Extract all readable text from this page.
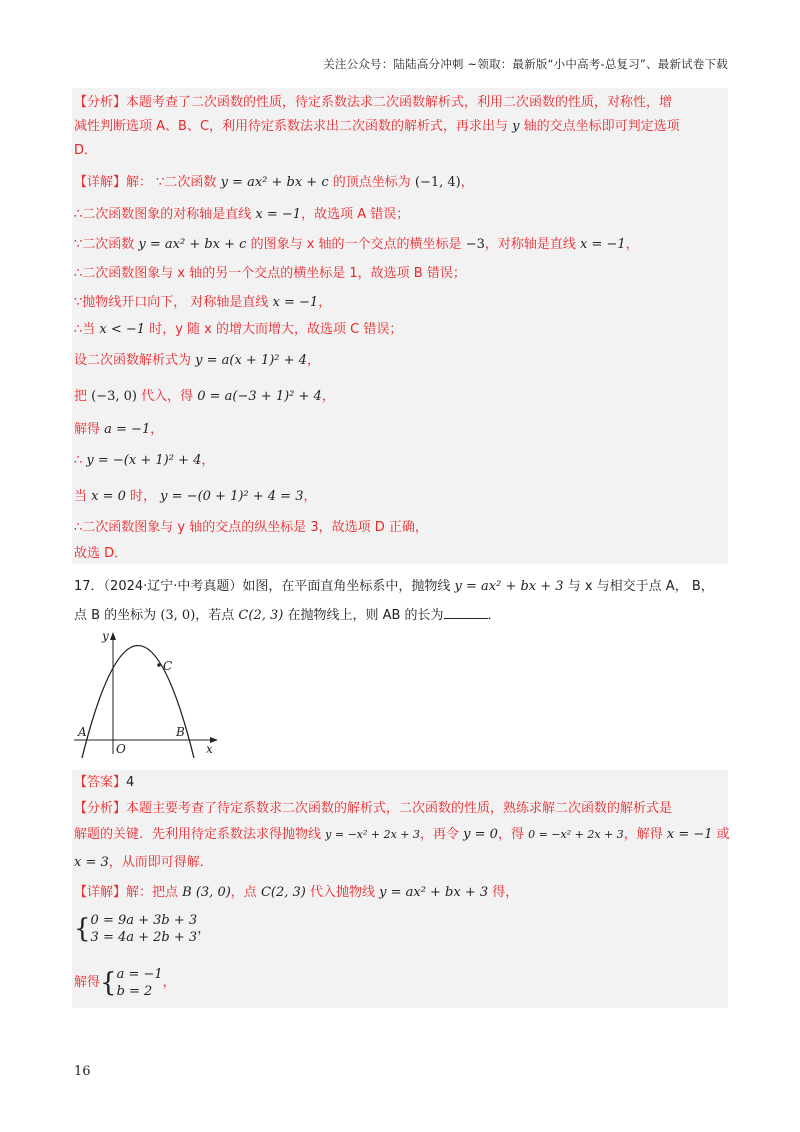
关注公众号：陆陆高分冲刺 ~领取：最新版“小中高考-总复习”、最新试卷下载
【分析】本题考查了二次函数的性质，待定系数法求二次函数解析式，利用二次函数的性质，对称性，增
减性判断选项 A、B、C，利用待定系数法求出二次函数的解析式，再求出与 y 轴的交点坐标即可判定选项
D．
【详解】解： ∵二次函数 y = ax² + bx + c 的顶点坐标为 (−1, 4)，
∴二次函数图象的对称轴是直线 x = −1，故选项 A 错误；
∵二次函数 y = ax² + bx + c 的图象与 x 轴的一个交点的横坐标是 −3，对称轴是直线 x = −1，
∴二次函数图象与 x 轴的另一个交点的横坐标是 1，故选项 B 错误；
∵抛物线开口向下， 对称轴是直线 x = −1，
∴当 x < −1 时，y 随 x 的增大而增大，故选项 C 错误；
设二次函数解析式为 y = a(x + 1)² + 4，
把 (−3, 0) 代入，得 0 = a(−3 + 1)² + 4，
解得 a = −1，
∴ y = −(x + 1)² + 4，
当 x = 0 时， y = −(0 + 1)² + 4 = 3，
∴二次函数图象与 y 轴的交点的纵坐标是 3，故选项 D 正确，
故选 D．
17．（2024·辽宁·中考真题）如图，在平面直角坐标系中，抛物线 y = ax² + bx + 3 与 x 与相交于点 A， B，
点 B 的坐标为 (3, 0)，若点 C(2, 3) 在抛物线上，则 AB 的长为	．
y
x
O
A	B
C
【答案】4
【分析】本题主要考查了待定系数求二次函数的解析式，二次函数的性质，熟练求解二次函数的解析式是
解题的关键．先利用待定系数法求得抛物线 y = −x² + 2x + 3，再令 y = 0，得 0 = −x² + 2x + 3，解得 x = −1 或
x = 3，从而即可得解．
【详解】解：把点 B (3, 0)，点 C(2, 3) 代入抛物线 y = ax² + bx + 3 得，
{ 0 = 9a + 3b + 3
3 = 4a + 2b + 3
，
解得{ a = −1
b = 2
，
16
